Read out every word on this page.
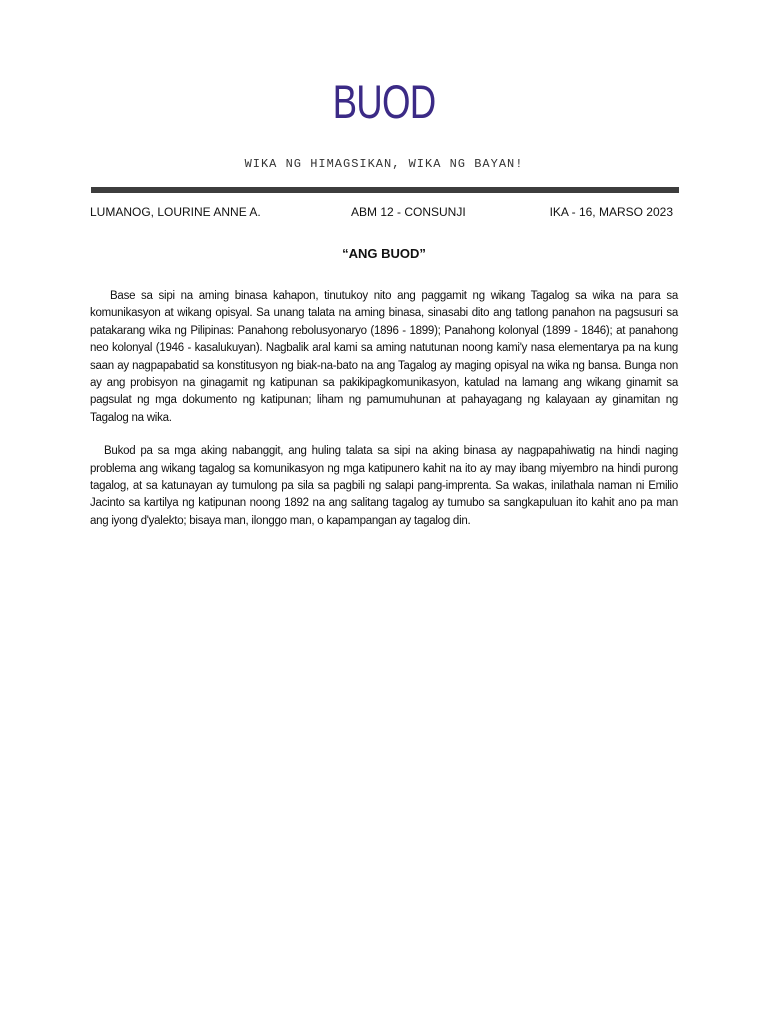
BUOD
WIKA NG HIMAGSIKAN, WIKA NG BAYAN!
LUMANOG, LOURINE ANNE A.	ABM 12 - CONSUNJI	IKA - 16, MARSO 2023
“ANG BUOD”

Base sa sipi na aming binasa kahapon, tinutukoy nito ang paggamit ng wikang Tagalog sa wika na para sa komunikasyon at wikang opisyal. Sa unang talata na aming binasa, sinasabi dito ang tatlong panahon na pagsusuri sa patakarang wika ng Pilipinas: Panahong rebolusyonaryo (1896 - 1899); Panahong kolonyal (1899 - 1846); at panahong neo kolonyal (1946 - kasalukuyan). Nagbalik aral kami sa aming natutunan noong kami'y nasa elementarya pa na kung saan ay nagpapabatid sa konstitusyon ng biak-na-bato na ang Tagalog ay maging opisyal na wika ng bansa. Bunga non ay ang probisyon na ginagamit ng katipunan sa pakikipagkomunikasyon, katulad na lamang ang wikang ginamit sa pagsulat ng mga dokumento ng katipunan; liham ng pamumuhunan at pahayagang ng kalayaan ay ginamitan ng Tagalog na wika.

Bukod pa sa mga aking nabanggit, ang huling talata sa sipi na aking binasa ay nagpapahiwatig na hindi naging problema ang wikang tagalog sa komunikasyon ng mga katipunero kahit na ito ay may ibang miyembro na hindi purong tagalog, at sa katunayan ay tumulong pa sila sa pagbili ng salapi pang-imprenta. Sa wakas, inilathala naman ni Emilio Jacinto sa kartilya ng katipunan noong 1892 na ang salitang tagalog ay tumubo sa sangkapuluan ito kahit ano pa man ang iyong d'yalekto; bisaya man, ilonggo man, o kapampangan ay tagalog din.
